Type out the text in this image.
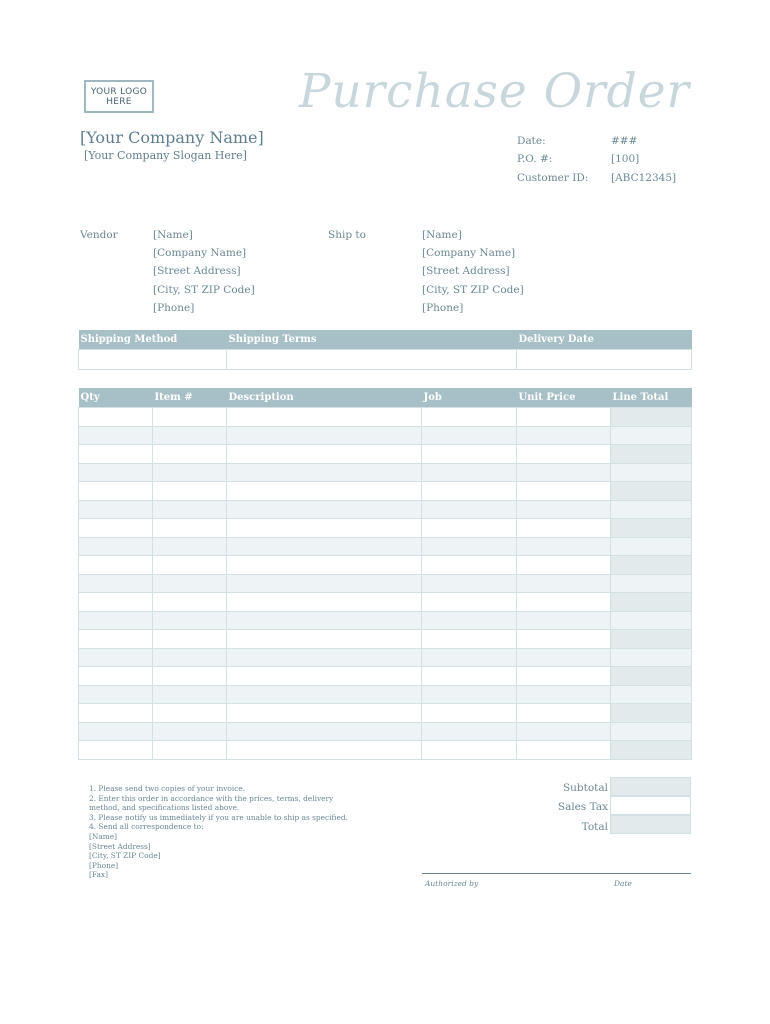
YOUR LOGO
HERE	Purchase Order
[Your Company Name]
[Your Company Slogan Here]
Date:	###
P.O. #:	[100]
Customer ID: [ABC12345]
Vendor	[Name]
[Company Name]
[Street Address]
[City, ST ZIP Code]
[Phone]
Ship to	[Name]
[Company Name]
[Street Address]
[City, ST ZIP Code]
[Phone]
Shipping Method	Shipping Terms	Delivery Date

Qty	Item #	Description	Job	Unit Price	Line Total

1. Please send two copies of your invoice.
2. Enter this order in accordance with the prices, terms, delivery
method, and specifications listed above.
3. Please notify us immediately if you are unable to ship as specified.
4. Send all correspondence to:
[Name]
[Street Address]
[City, ST ZIP Code]
[Phone]
[Fax]
Subtotal
Sales Tax
Total
Authorized by	Date
